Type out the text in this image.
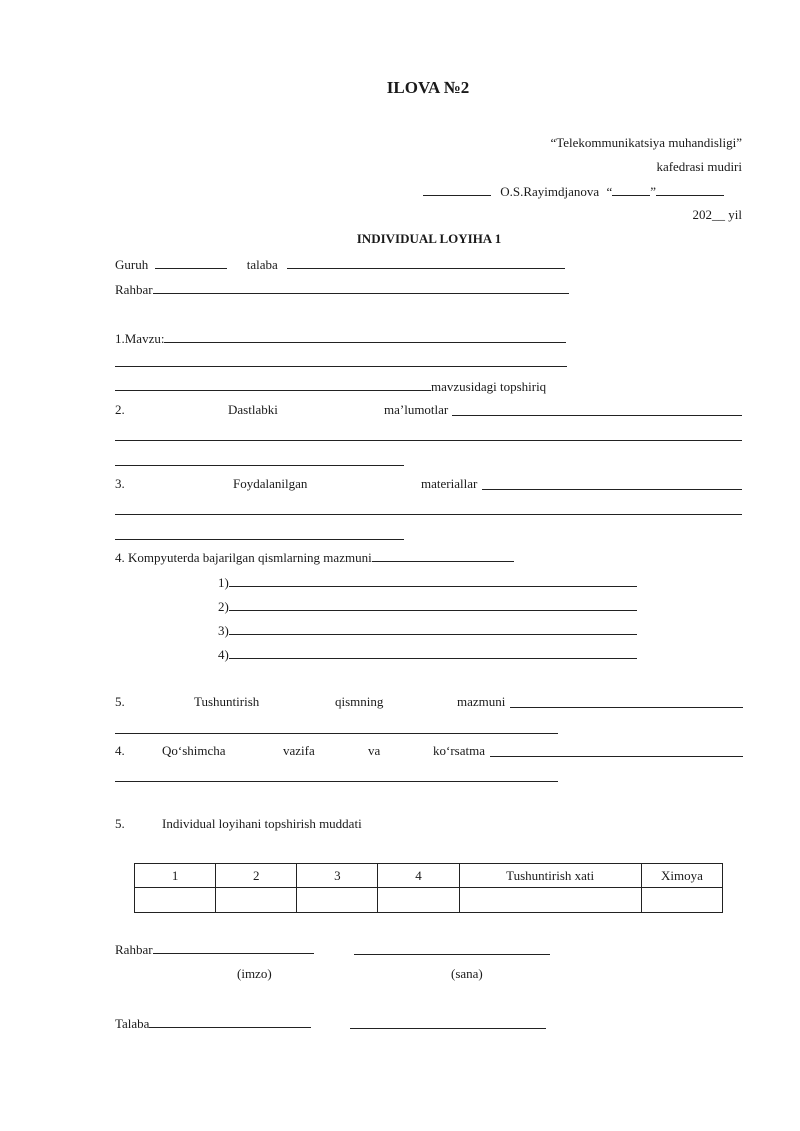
ILOVA №2
“Telekommunikatsiya muhandisligi”
kafedrasi mudiri
O.S.Rayimdjanova “	”
202__ yil
INDIVIDUAL LOYIHA 1
Guruh	talaba
Rahbar
1.Mavzu:
mavzusidagi topshiriq
2.	Dastlabki	ma’lumotlar
3.	Foydalanilgan	materiallar
4. Kompyuterda bajarilgan qismlarning mazmuni
1)
2)
3)
4)
5.	Tushuntirish	qismning	mazmuni
4.	Qo‘shimcha	vazifa	va	ko‘rsatma
5.	Individual loyihani topshirish muddati
1	2	3	4	Tushuntirish xati	Ximoya

Rahbar
(imzo)	(sana)
Talaba
